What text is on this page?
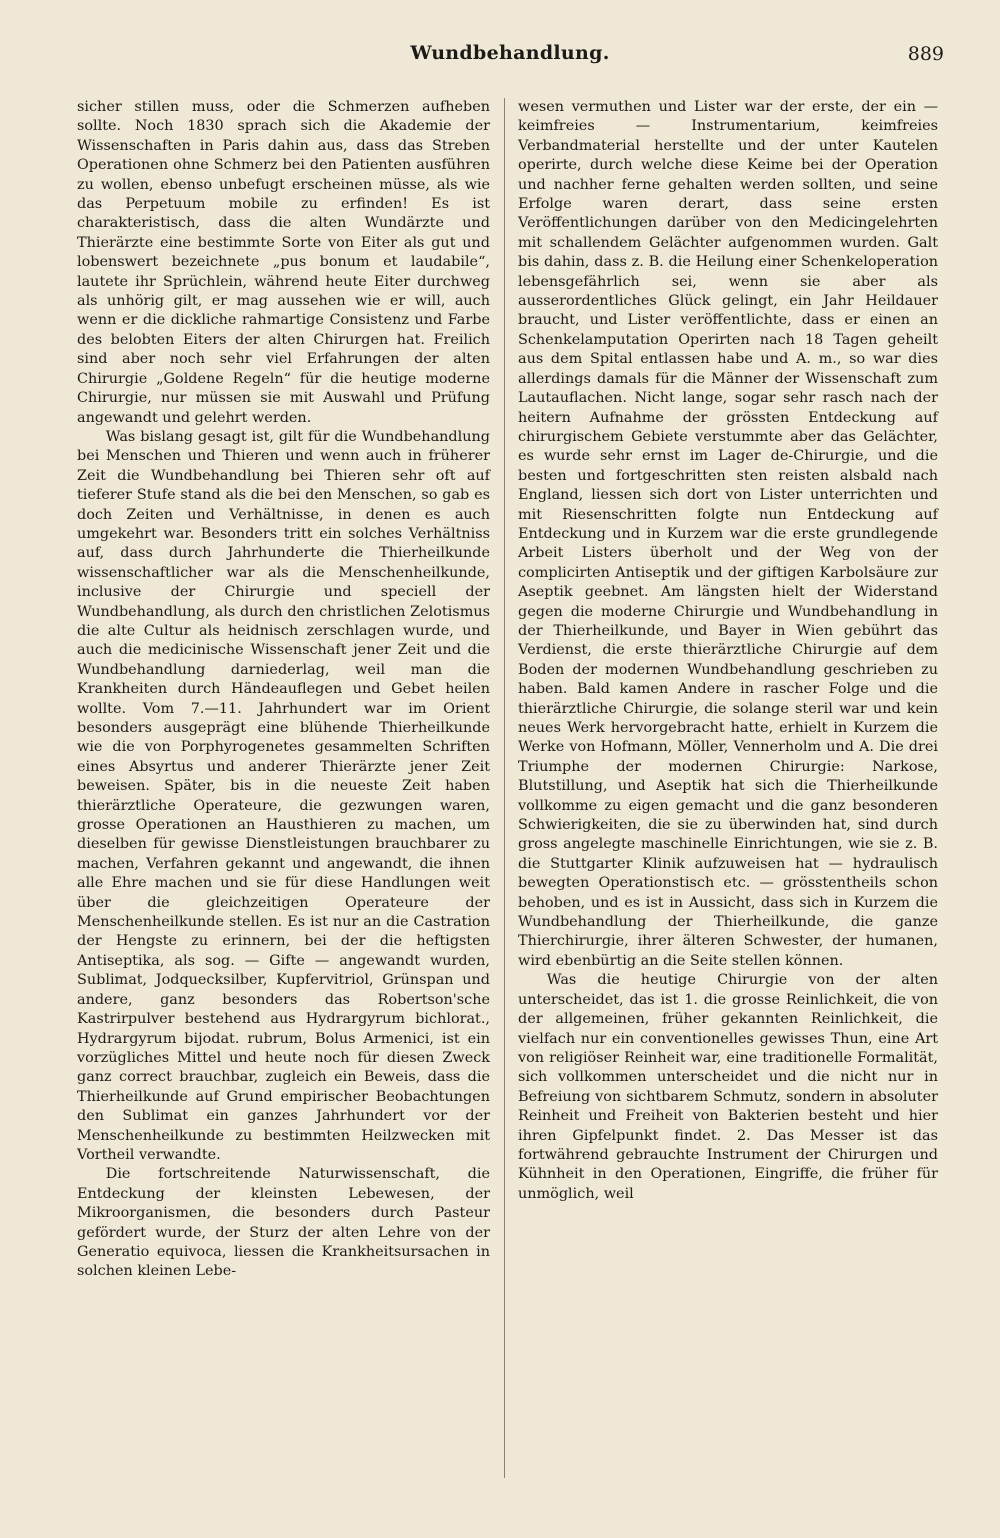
Wundbehandlung.	889

sicher stillen muss, oder die Schmerzen aufheben sollte. Noch 1830 sprach sich die Akademie der Wissenschaften in Paris dahin aus, dass das Streben Operationen ohne Schmerz bei den Patienten ausführen zu wollen, ebenso unbefugt erscheinen müsse, als wie das Perpetuum mobile zu erfinden! Es ist charakteristisch, dass die alten Wundärzte und Thierärzte eine bestimmte Sorte von Eiter als gut und lobenswert bezeichnete „pus bonum et laudabile“, lautete ihr Sprüchlein, während heute Eiter durchweg als unhörig gilt, er mag aussehen wie er will, auch wenn er die dickliche rahmartige Consistenz und Farbe des belobten Eiters der alten Chirurgen hat. Freilich sind aber noch sehr viel Erfahrungen der alten Chirurgie „Goldene Regeln“ für die heutige moderne Chirurgie, nur müssen sie mit Auswahl und Prüfung angewandt und gelehrt werden.

Was bislang gesagt ist, gilt für die Wundbehandlung bei Menschen und Thieren und wenn auch in früherer Zeit die Wundbehandlung bei Thieren sehr oft auf tieferer Stufe stand als die bei den Menschen, so gab es doch Zeiten und Verhältnisse, in denen es auch umgekehrt war. Besonders tritt ein solches Verhältniss auf, dass durch Jahrhunderte die Thierheilkunde wissenschaftlicher war als die Menschenheilkunde, inclusive der Chirurgie und speciell der Wundbehandlung, als durch den christlichen Zelotismus die alte Cultur als heidnisch zerschlagen wurde, und auch die medicinische Wissenschaft jener Zeit und die Wundbehandlung darniederlag, weil man die Krankheiten durch Händeauflegen und Gebet heilen wollte. Vom 7.—11. Jahrhundert war im Orient besonders ausgeprägt eine blühende Thierheilkunde wie die von Porphyrogenetes gesammelten Schriften eines Absyrtus und anderer Thierärzte jener Zeit beweisen. Später, bis in die neueste Zeit haben thierärztliche Operateure, die gezwungen waren, grosse Operationen an Hausthieren zu machen, um dieselben für gewisse Dienstleistungen brauchbarer zu machen, Verfahren gekannt und angewandt, die ihnen alle Ehre machen und sie für diese Handlungen weit über die gleichzeitigen Operateure der Menschenheilkunde stellen. Es ist nur an die Castration der Hengste zu erinnern, bei der die heftigsten Antiseptika, als sog. — Gifte — angewandt wurden, Sublimat, Jodquecksilber, Kupfervitriol, Grünspan und andere, ganz besonders das Robertson'sche Kastrirpulver bestehend aus Hydrargyrum bichlorat., Hydrargyrum bijodat. rubrum, Bolus Armenici, ist ein vorzügliches Mittel und heute noch für diesen Zweck ganz correct brauchbar, zugleich ein Beweis, dass die Thierheilkunde auf Grund empirischer Beobachtungen den Sublimat ein ganzes Jahrhundert vor der Menschenheilkunde zu bestimmten Heilzwecken mit Vortheil verwandte.

Die fortschreitende Naturwissenschaft, die Entdeckung der kleinsten Lebewesen, der Mikroorganismen, die besonders durch Pasteur gefördert wurde, der Sturz der alten Lehre von der Generatio equivoca, liessen die Krankheitsursachen in solchen kleinen Lebe-

wesen vermuthen und Lister war der erste, der ein — keimfreies — Instrumentarium, keimfreies Verbandmaterial herstellte und der unter Kautelen operirte, durch welche diese Keime bei der Operation und nachher ferne gehalten werden sollten, und seine Erfolge waren derart, dass seine ersten Veröffentlichungen darüber von den Medicingelehrten mit schallendem Gelächter aufgenommen wurden. Galt bis dahin, dass z. B. die Heilung einer Schenkeloperation lebensgefährlich sei, wenn sie aber als ausserordentliches Glück gelingt, ein Jahr Heildauer braucht, und Lister veröffentlichte, dass er einen an Schenkelamputation Operirten nach 18 Tagen geheilt aus dem Spital entlassen habe und A. m., so war dies allerdings damals für die Männer der Wissenschaft zum Lautauflachen. Nicht lange, sogar sehr rasch nach der heitern Aufnahme der grössten Entdeckung auf chirurgischem Gebiete verstummte aber das Gelächter, es wurde sehr ernst im Lager de-Chirurgie, und die besten und fortgeschritten sten reisten alsbald nach England, liessen sich dort von Lister unterrichten und mit Riesenschritten folgte nun Entdeckung auf Entdeckung und in Kurzem war die erste grundlegende Arbeit Listers überholt und der Weg von der complicirten Antiseptik und der giftigen Karbolsäure zur Aseptik geebnet. Am längsten hielt der Widerstand gegen die moderne Chirurgie und Wundbehandlung in der Thierheilkunde, und Bayer in Wien gebührt das Verdienst, die erste thierärztliche Chirurgie auf dem Boden der modernen Wundbehandlung geschrieben zu haben. Bald kamen Andere in rascher Folge und die thierärztliche Chirurgie, die solange steril war und kein neues Werk hervorgebracht hatte, erhielt in Kurzem die Werke von Hofmann, Möller, Vennerholm und A. Die drei Triumphe der modernen Chirurgie: Narkose, Blutstillung, und Aseptik hat sich die Thierheilkunde vollkomme zu eigen gemacht und die ganz besonderen Schwierigkeiten, die sie zu überwinden hat, sind durch gross angelegte maschinelle Einrichtungen, wie sie z. B. die Stuttgarter Klinik aufzuweisen hat — hydraulisch bewegten Operationstisch etc. — grösstentheils schon behoben, und es ist in Aussicht, dass sich in Kurzem die Wundbehandlung der Thierheilkunde, die ganze Thierchirurgie, ihrer älteren Schwester, der humanen, wird ebenbürtig an die Seite stellen können.

Was die heutige Chirurgie von der alten unterscheidet, das ist 1. die grosse Reinlichkeit, die von der allgemeinen, früher gekannten Reinlichkeit, die vielfach nur ein conventionelles gewisses Thun, eine Art von religiöser Reinheit war, eine traditionelle Formalität, sich vollkommen unterscheidet und die nicht nur in Befreiung von sichtbarem Schmutz, sondern in absoluter Reinheit und Freiheit von Bakterien besteht und hier ihren Gipfelpunkt findet. 2. Das Messer ist das fortwährend gebrauchte Instrument der Chirurgen und Kühnheit in den Operationen, Eingriffe, die früher für unmöglich, weil
